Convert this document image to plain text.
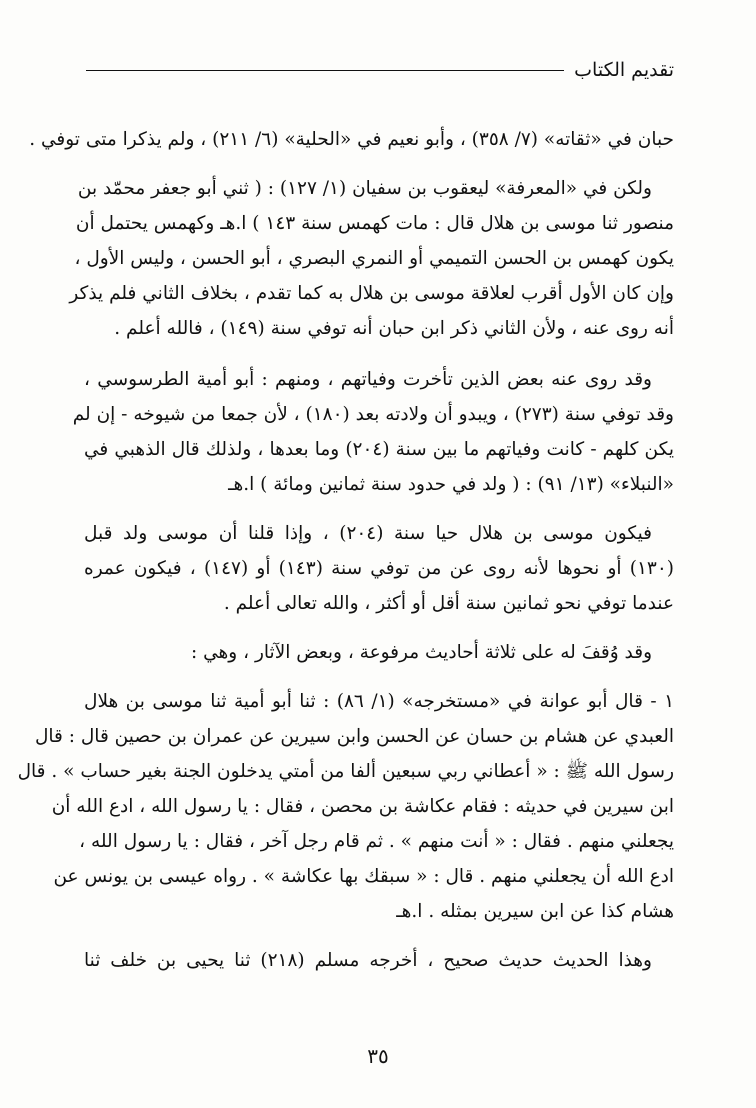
تقديم الكتاب

حبان في «ثقاته» (٧/ ٣٥٨) ، وأبو نعيم في «الحلية» (٦/ ٢١١) ، ولم يذكرا متى توفي .

ولكن في «المعرفة» ليعقوب بن سفيان (١/ ١٢٧) : ( ثني أبو جعفر محمّد بن
منصور ثنا موسى بن هلال قال : مات كهمس سنة ١٤٣ ) ا.هـ وكهمس يحتمل أن
يكون كهمس بن الحسن التميمي أو النمري البصري ، أبو الحسن ، وليس الأول ،
وإن كان الأول أقرب لعلاقة موسى بن هلال به كما تقدم ، بخلاف الثاني فلم يذكر
أنه روى عنه ، ولأن الثاني ذكر ابن حبان أنه توفي سنة (١٤٩) ، فالله أعلم .

وقد روى عنه بعض الذين تأخرت وفياتهم ، ومنهم : أبو أمية الطرسوسي ،
وقد توفي سنة (٢٧٣) ، ويبدو أن ولادته بعد (١٨٠) ، لأن جمعا من شيوخه - إن لم
يكن كلهم - كانت وفياتهم ما بين سنة (٢٠٤) وما بعدها ، ولذلك قال الذهبي في
«النبلاء» (١٣/ ٩١) : ( ولد في حدود سنة ثمانين ومائة ) ا.هـ

فيكون موسى بن هلال حيا سنة (٢٠٤) ، وإذا قلنا أن موسى ولد قبل
(١٣٠) أو نحوها لأنه روى عن من توفي سنة (١٤٣) أو (١٤٧) ، فيكون عمره
عندما توفي نحو ثمانين سنة أقل أو أكثر ، والله تعالى أعلم .

وقد وُقفَ له على ثلاثة أحاديث مرفوعة ، وبعض الآثار ، وهي :

١ - قال أبو عوانة في «مستخرجه» (١/ ٨٦) : ثنا أبو أمية ثنا موسى بن هلال
العبدي عن هشام بن حسان عن الحسن وابن سيرين عن عمران بن حصين قال : قال
رسول الله ﷺ : « أعطاني ربي سبعين ألفا من أمتي يدخلون الجنة بغير حساب » . قال
ابن سيرين في حديثه : فقام عكاشة بن محصن ، فقال : يا رسول الله ، ادع الله أن
يجعلني منهم . فقال : « أنت منهم » . ثم قام رجل آخر ، فقال : يا رسول الله ،
ادع الله أن يجعلني منهم . قال : « سبقك بها عكاشة » . رواه عيسى بن يونس عن
هشام كذا عن ابن سيرين بمثله . ا.هـ

وهذا الحديث حديث صحيح ، أخرجه مسلم (٢١٨) ثنا يحيى بن خلف ثنا

٣٥
